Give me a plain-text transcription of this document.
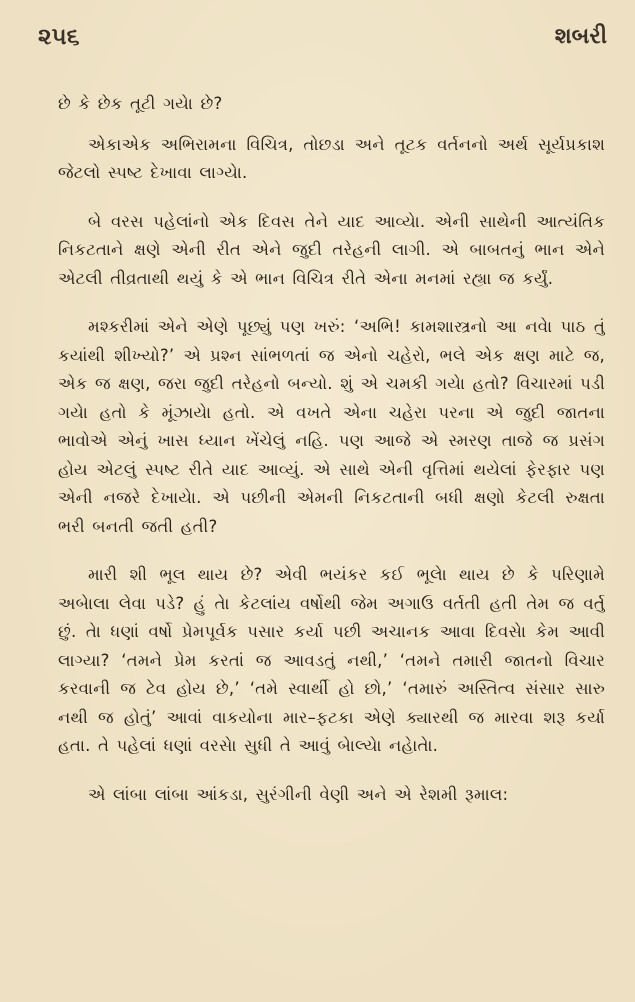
૨૫૬	શબરી

છે કે છેક તૂટી ગયેા છે?

એકાએક અભિરામના વિચિત્ર, તોછડા અને તૂટક વર્તનનો અર્થ સૂર્યપ્રકાશ જેટલો સ્પષ્ટ દેખાવા લાગ્યેા.

બે વરસ પહેલાંનો એક દિવસ તેને યાદ આવ્યેા. એની સાથેની આત્યંતિક નિકટતાને ક્ષણે એની રીત એને જુદી તરેહની લાગી. એ બાબતનું ભાન એને એટલી તીવ્રતાથી થયું કે એ ભાન વિચિત્ર રીતે એના મનમાં રહ્યા જ કર્યું.

મશ્કરીમાં એને એણે પૂછ્યું પણ ખરું: ‘અભિ! કામશાસ્ત્રનો આ નવેા પાઠ તું કયાંથી શીખ્યો?’ એ પ્રશ્ન સાંભળતાં જ એનો ચહેરો, ભલે એક ક્ષણ માટે જ, એક જ ક્ષણ, જરા જુદી તરેહનો બન્યો. શું એ ચમકી ગયેા હતો? વિચારમાં પડી ગયેા હતો કે મૂંઝાયેા હતો. એ વખતે એના ચહેરા પરના એ જુદી જાતના ભાવોએ એનું ખાસ ધ્યાન ખેંચેલું નહિ. પણ આજે એ સ્મરણ તાજે જ પ્રસંગ હોય એટલું સ્પષ્ટ રીતે યાદ આવ્યું. એ સાથે એની વૃત્તિમાં થયેલાં ફેરફાર પણ એની નજરે દેખાયેા. એ પછીની એમની નિકટતાની બધી ક્ષણો કેટલી રુક્ષતા ભરી બનતી જતી હતી?

મારી શી ભૂલ થાય છે? એવી ભયંકર કઈ ભૂલેા થાય છે કે પરિણામે અબેાલા લેવા પડે? હું તેા કેટલાંય વર્ષોથી જેમ અગાઉ વર્તતી હતી તેમ જ વર્તુ છું. તેા ધણાં વર્ષો પ્રેમપૂર્વક પસાર કર્યા પછી અચાનક આવા દિવસેા કેમ આવી લાગ્યા? ‘તમને પ્રેમ કરતાં જ આવડતું નથી,’ ‘તમને તમારી જાતનો વિચાર કરવાની જ ટેવ હોય છે,’ ‘તમે સ્વાર્થી હો છો,’ ‘તમારું અસ્તિત્વ સંસાર સારુ નથી જ હોતું’ આવાં વાકયોના માર–ફટકા એણે ક્યારથી જ મારવા શરૂ કર્યા હતા. તે પહેલાં ધણાં વરસેા સુધી તે આવું બેાલ્યેા નહેાતેા.

એ લાંબા લાંબા આંકડા, સુરંગીની વેણી અને એ રેશમી રૂમાલ:
